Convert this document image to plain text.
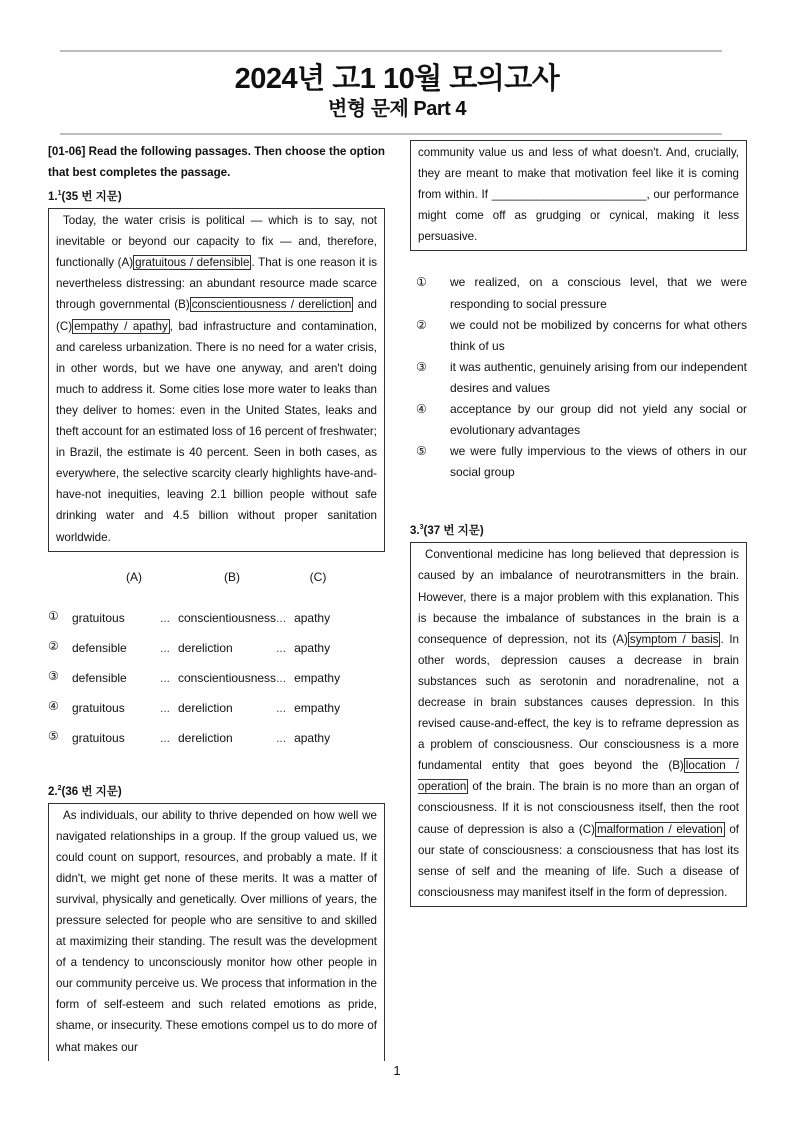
2024년 고1 10월 모의고사
변형 문제 Part 4
[01-06] Read the following passages. Then choose the option that best completes the passage.
1.$^1$(35 번 지문)
Today, the water crisis is political — which is to say, not inevitable or beyond our capacity to fix — and, therefore, functionally (A) gratuitous / defensible . That is one reason it is nevertheless distressing: an abundant resource made scarce through governmental (B) conscientiousness / dereliction and (C) empathy / apathy , bad infrastructure and contamination, and careless urbanization. There is no need for a water crisis, in other words, but we have one anyway, and aren't doing much to address it. Some cities lose more water to leaks than they deliver to homes: even in the United States, leaks and theft account for an estimated loss of 16 percent of freshwater; in Brazil, the estimate is 40 percent. Seen in both cases, as everywhere, the selective scarcity clearly highlights have-and-have-not inequities, leaving 2.1 billion people without safe drinking water and 4.5 billion without proper sanitation worldwide.
	(A)	(B)	(C)
①	gratuitous	...	conscientiousness	...	apathy
②	defensible	...	dereliction	...	apathy
③	defensible	...	conscientiousness	...	empathy
④	gratuitous	...	dereliction	...	empathy
⑤	gratuitous	...	dereliction	...	apathy
2.$^2$(36 번 지문)
As individuals, our ability to thrive depended on how well we navigated relationships in a group. If the group valued us, we could count on support, resources, and probably a mate. If it didn't, we might get none of these merits. It was a matter of survival, physically and genetically. Over millions of years, the pressure selected for people who are sensitive to and skilled at maximizing their standing. The result was the development of a tendency to unconsciously monitor how other people in our community perceive us. We process that information in the form of self-esteem and such related emotions as pride, shame, or insecurity. These emotions compel us to do more of what makes our
community value us and less of what doesn't. And, crucially, they are meant to make that motivation feel like it is coming from within. If ________________________, our performance might come off as grudging or cynical, making it less persuasive.
①	we realized, on a conscious level, that we were responding to social pressure
②	we could not be mobilized by concerns for what others think of us
③	it was authentic, genuinely arising from our independent desires and values
④	acceptance by our group did not yield any social or evolutionary advantages
⑤	we were fully impervious to the views of others in our social group
3.$^3$(37 번 지문)
Conventional medicine has long believed that depression is caused by an imbalance of neurotransmitters in the brain. However, there is a major problem with this explanation. This is because the imbalance of substances in the brain is a consequence of depression, not its (A) symptom / basis . In other words, depression causes a decrease in brain substances such as serotonin and noradrenaline, not a decrease in brain substances causes depression. In this revised cause-and-effect, the key is to reframe depression as a problem of consciousness. Our consciousness is a more fundamental entity that goes beyond the (B) location / operation of the brain. The brain is no more than an organ of consciousness. If it is not consciousness itself, then the root cause of depression is also a (C) malformation / elevation of our state of consciousness: a consciousness that has lost its sense of self and the meaning of life. Such a disease of consciousness may manifest itself in the form of depression.
1
